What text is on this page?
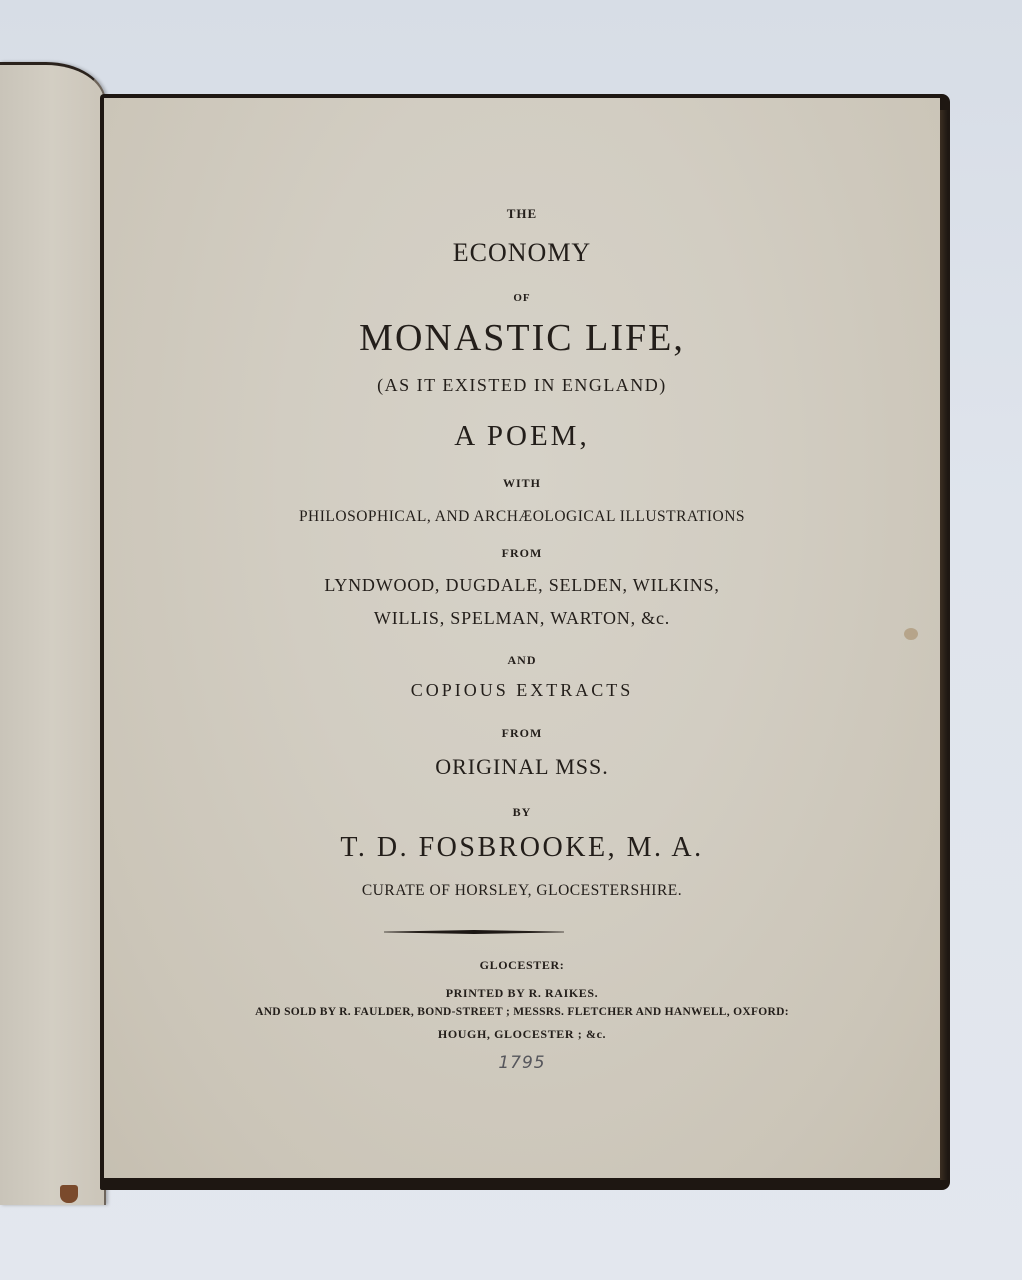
THE
ECONOMY
OF
MONASTIC LIFE,
(AS IT EXISTED IN ENGLAND)
A POEM,
WITH
PHILOSOPHICAL, AND ARCHÆOLOGICAL ILLUSTRATIONS
FROM
LYNDWOOD, DUGDALE, SELDEN, WILKINS,
WILLIS, SPELMAN, WARTON, &c.
AND
COPIOUS EXTRACTS
FROM
ORIGINAL MSS.
BY
T. D. FOSBROOKE, M. A.
CURATE OF HORSLEY, GLOCESTERSHIRE.
GLOCESTER:
PRINTED BY R. RAIKES.
AND SOLD BY R. FAULDER, BOND-STREET ; MESSRS. FLETCHER AND HANWELL, OXFORD:
HOUGH, GLOCESTER ; &c.
1795
